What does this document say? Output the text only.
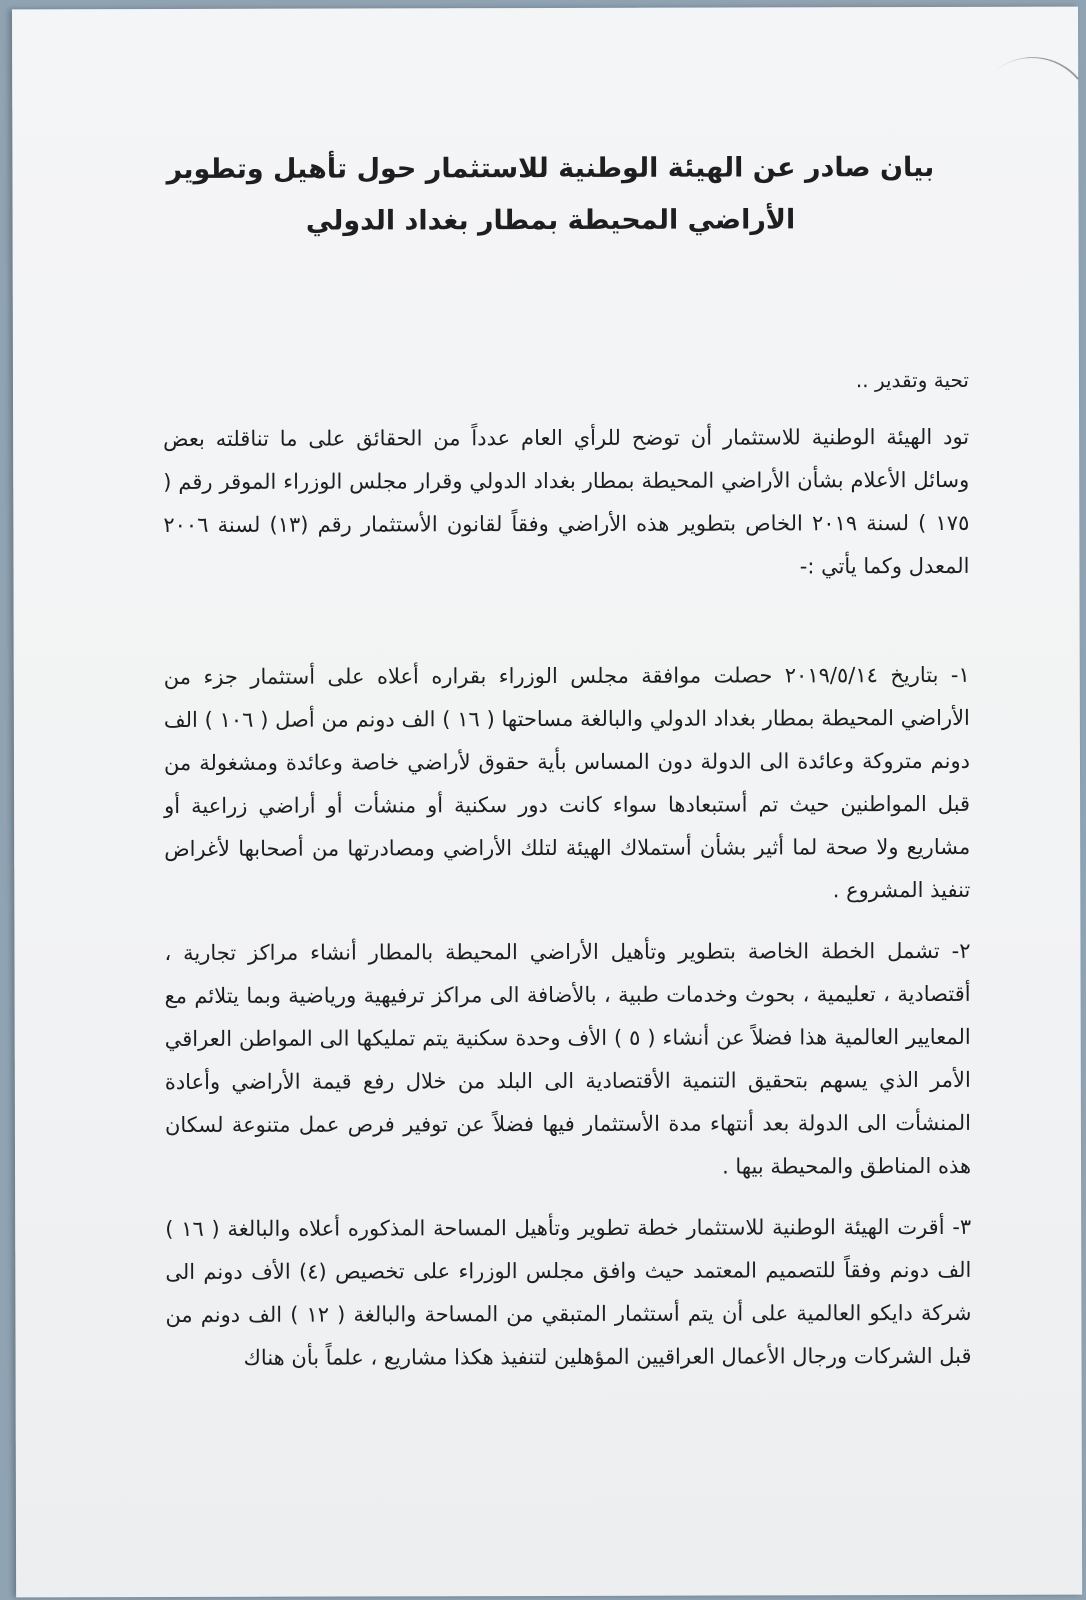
بيان صادر عن الهيئة الوطنية للاستثمار حول تأهيل وتطوير
الأراضي المحيطة بمطار بغداد الدولي

تحية وتقدير ..

تود الهيئة الوطنية للاستثمار أن توضح للرأي العام عدداً من الحقائق على ما تناقلته بعض وسائل الأعلام بشأن الأراضي المحيطة بمطار بغداد الدولي وقرار مجلس الوزراء الموقر رقم ( ١٧٥ ) لسنة ٢٠١٩ الخاص بتطوير هذه الأراضي وفقاً لقانون الأستثمار رقم (١٣) لسنة ٢٠٠٦ المعدل وكما يأتي :-

١- بتاريخ ٢٠١٩/٥/١٤ حصلت موافقة مجلس الوزراء بقراره أعلاه على أستثمار جزء من الأراضي المحيطة بمطار بغداد الدولي والبالغة مساحتها ( ١٦ ) الف دونم من أصل ( ١٠٦ ) الف دونم متروكة وعائدة الى الدولة دون المساس بأية حقوق لأراضي خاصة وعائدة ومشغولة من قبل المواطنين حيث تم أستبعادها سواء كانت دور سكنية أو منشأت أو أراضي زراعية أو مشاريع ولا صحة لما أثير بشأن أستملاك الهيئة لتلك الأراضي ومصادرتها من أصحابها لأغراض تنفيذ المشروع .

٢- تشمل الخطة الخاصة بتطوير وتأهيل الأراضي المحيطة بالمطار أنشاء مراكز تجارية ، أقتصادية ، تعليمية ، بحوث وخدمات طبية ، بالأضافة الى مراكز ترفيهية ورياضية وبما يتلائم مع المعايير العالمية هذا فضلاً عن أنشاء ( ٥ ) الأف وحدة سكنية يتم تمليكها الى المواطن العراقي الأمر الذي يسهم بتحقيق التنمية الأقتصادية الى البلد من خلال رفع قيمة الأراضي وأعادة المنشأت الى الدولة بعد أنتهاء مدة الأستثمار فيها فضلاً عن توفير فرص عمل متنوعة لسكان هذه المناطق والمحيطة بيها .

٣- أقرت الهيئة الوطنية للاستثمار خطة تطوير وتأهيل المساحة المذكوره أعلاه والبالغة ( ١٦ ) الف دونم وفقاً للتصميم المعتمد حيث وافق مجلس الوزراء على تخصيص (٤) الأف دونم الى شركة دايكو العالمية على أن يتم أستثمار المتبقي من المساحة والبالغة ( ١٢ ) الف دونم من قبل الشركات ورجال الأعمال العراقيين المؤهلين لتنفيذ هكذا مشاريع ، علماً بأن هناك
